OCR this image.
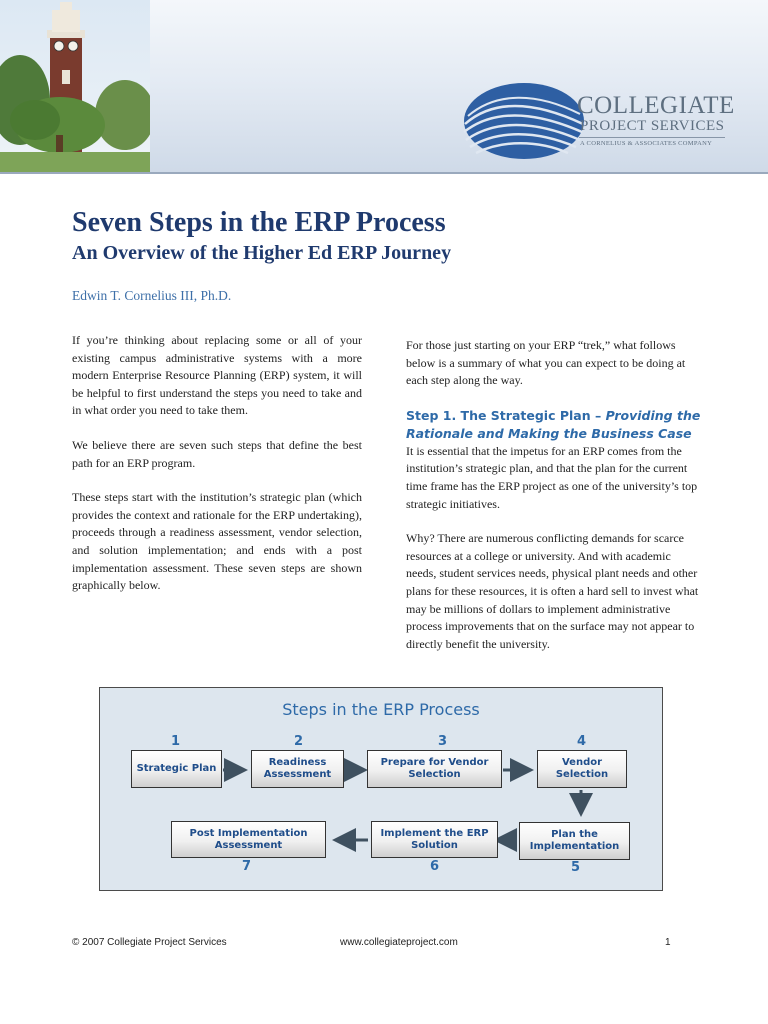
COLLEGIATE
PROJECT SERVICES
A CORNELIUS & ASSOCIATES COMPANY
Seven Steps in the ERP Process
An Overview of the Higher Ed ERP Journey
Edwin T. Cornelius III, Ph.D.

If you’re thinking about replacing some or all of your existing campus administrative systems with a more modern Enterprise Resource Planning (ERP) system, it will be helpful to first understand the steps you need to take and in what order you need to take them.

We believe there are seven such steps that define the best path for an ERP program.

These steps start with the institution’s strategic plan (which provides the context and rationale for the ERP undertaking), proceeds through a readiness assessment, vendor selection, and solution implementation; and ends with a post implementation assessment. These seven steps are shown graphically below.

For those just starting on your ERP “trek,” what follows below is a summary of what you can expect to be doing at each step along the way.

Step 1. The Strategic Plan – Providing the Rationale and Making the Business Case

It is essential that the impetus for an ERP comes from the institution’s strategic plan, and that the plan for the current time frame has the ERP project as one of the university’s top strategic initiatives.

Why? There are numerous conflicting demands for scarce resources at a college or university. And with academic needs, student services needs, physical plant needs and other plans for these resources, it is often a hard sell to invest what may be millions of dollars to implement administrative process improvements that on the surface may not appear to directly benefit the university.

Steps in the ERP Process
1
Strategic Plan
2
Readiness Assessment
3
Prepare for Vendor Selection
4
Vendor Selection
Plan the Implementation
5
Implement the ERP Solution
6
Post Implementation Assessment
7
© 2007 Collegiate Project Services	www.collegiateproject.com	1
